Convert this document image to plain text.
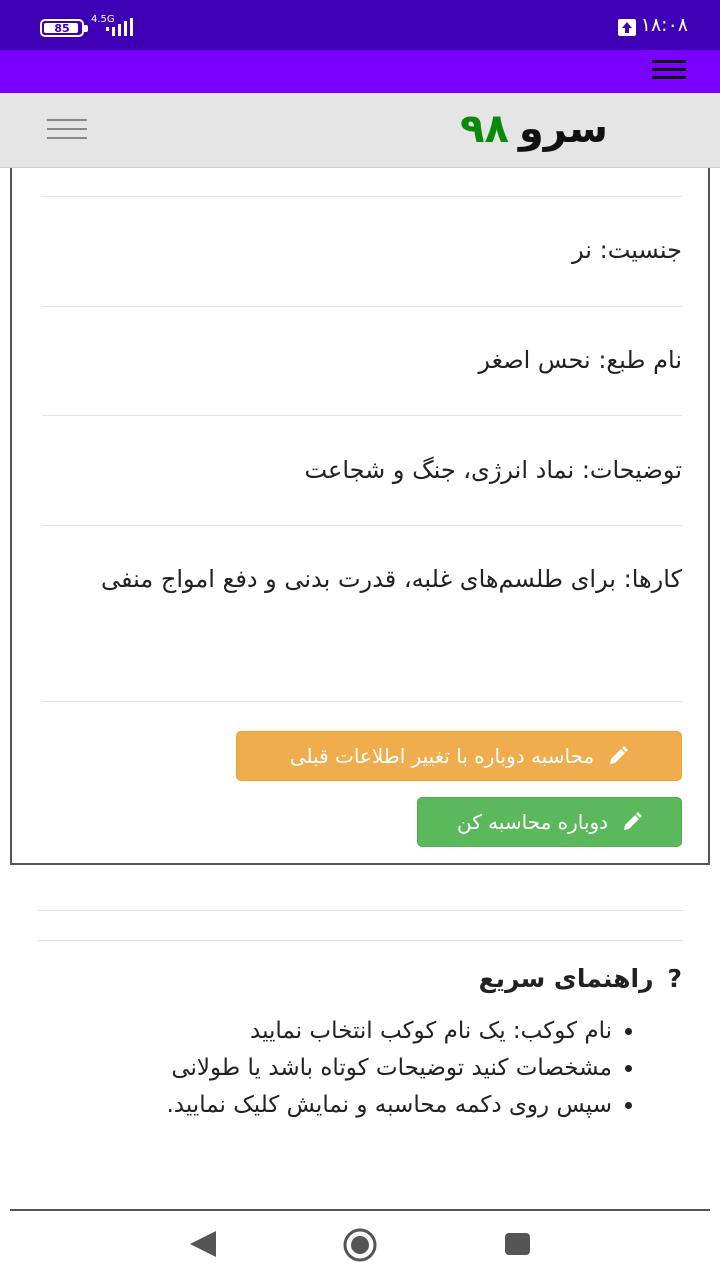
85
4.5G	۱۸:۰۸
سرو۹۸
جنسیت: نر
نام طبع: نحس اصغر
توضیحات: نماد انرژی، جنگ و شجاعت
کارها: برای طلسم‌های غلبه، قدرت بدنی و دفع امواج منفی
محاسبه دوباره با تغییر اطلاعات قبلی
دوباره محاسبه کن
?راهنمای سریع
• نام کوکب: یک نام کوکب انتخاب نمایید
• مشخصات کنید توضیحات کوتاه باشد یا طولانی
• سپس روی دکمه محاسبه و نمایش کلیک نمایید.
